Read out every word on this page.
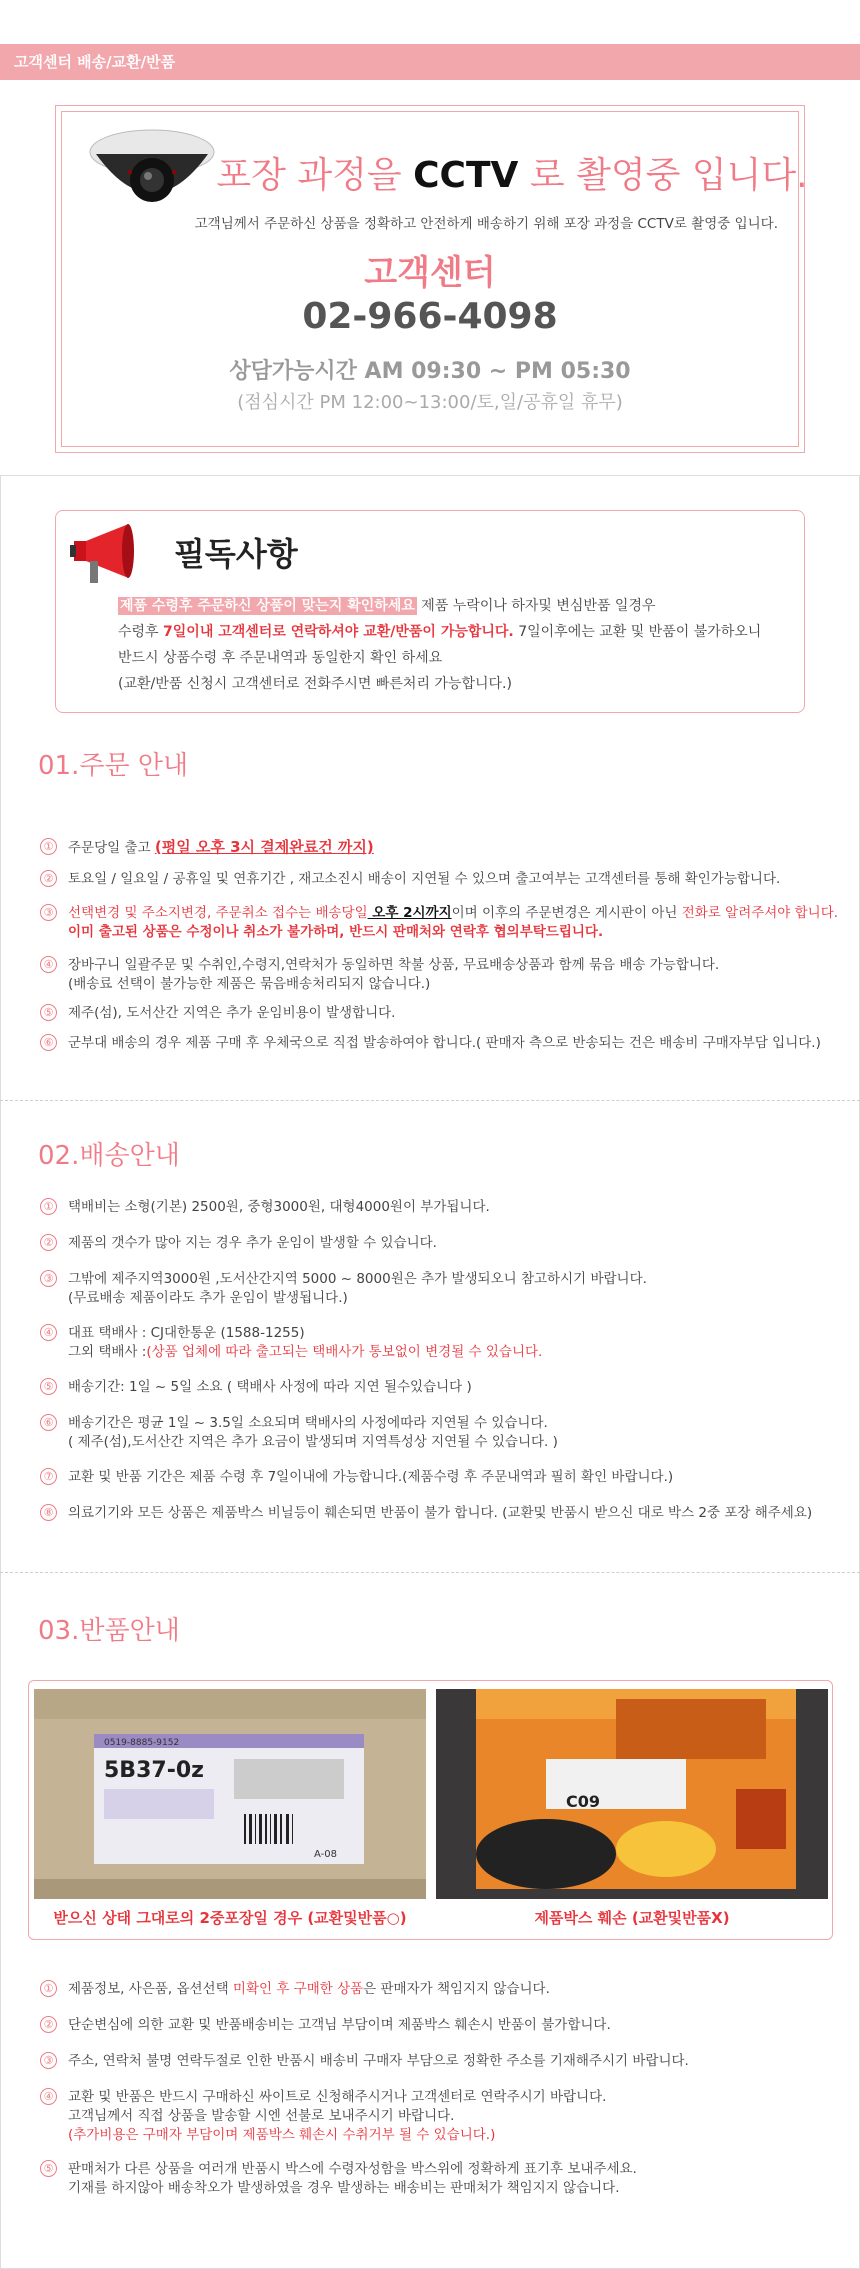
고객센터 배송/교환/반품
포장 과정을 CCTV 로 촬영중 입니다.
고객님께서 주문하신 상품을 정확하고 안전하게 배송하기 위해 포장 과정을 CCTV로 촬영중 입니다.
고객센터
02-966-4098
상담가능시간 AM 09:30 ~ PM 05:30
(점심시간 PM 12:00~13:00/토,일/공휴일 휴무)
필독사항
제품 수령후 주문하신 상품이 맞는지 확인하세요 제품 누락이나 하자및 변심반품 일경우
수령후 7일이내 고객센터로 연락하셔야 교환/반품이 가능합니다. 7일이후에는 교환 및 반품이 불가하오니
반드시 상품수령 후 주문내역과 동일한지 확인 하세요
(교환/반품 신청시 고객센터로 전화주시면 빠른처리 가능합니다.)
01.주문 안내
① 주문당일 출고 (평일 오후 3시 결제완료건 까지)
② 토요일 / 일요일 / 공휴일 및 연휴기간 , 재고소진시 배송이 지연될 수 있으며 출고여부는 고객센터를 통해 확인가능합니다.
③ 선택변경 및 주소지변경, 주문취소 접수는 배송당일 오후 2시까지이며 이후의 주문변경은 게시판이 아닌 전화로 알려주셔야 합니다.
이미 출고된 상품은 수정이나 취소가 불가하며, 반드시 판매처와 연락후 협의부탁드립니다.
④ 장바구니 일괄주문 및 수취인,수령지,연락처가 동일하면 착불 상품, 무료배송상품과 함께 묶음 배송 가능합니다.
(배송료 선택이 불가능한 제품은 묶음배송처리되지 않습니다.)
⑤ 제주(섬), 도서산간 지역은 추가 운임비용이 발생합니다.
⑥ 군부대 배송의 경우 제품 구매 후 우체국으로 직접 발송하여야 합니다.( 판매자 측으로 반송되는 건은 배송비 구매자부담 입니다.)
02.배송안내
① 택배비는 소형(기본) 2500원, 중형3000원, 대형4000원이 부가됩니다.
② 제품의 갯수가 많아 지는 경우 추가 운임이 발생할 수 있습니다.
③ 그밖에 제주지역3000원 ,도서산간지역 5000 ~ 8000원은 추가 발생되오니 참고하시기 바랍니다.
(무료배송 제품이라도 추가 운임이 발생됩니다.)
④ 대표 택배사 : CJ대한통운 (1588-1255)
그외 택배사 :(상품 업체에 따라 출고되는 택배사가 통보없이 변경될 수 있습니다.
⑤ 배송기간: 1일 ~ 5일 소요 ( 택배사 사정에 따라 지연 될수있습니다 )
⑥ 배송기간은 평균 1일 ~ 3.5일 소요되며 택배사의 사정에따라 지연될 수 있습니다.
( 제주(섬),도서산간 지역은 추가 요금이 발생되며 지역특성상 지연될 수 있습니다. )
⑦ 교환 및 반품 기간은 제품 수령 후 7일이내에 가능합니다.(제품수령 후 주문내역과 필히 확인 바랍니다.)
⑧ 의료기기와 모든 상품은 제품박스 비닐등이 훼손되면 반품이 불가 합니다. (교환및 반품시 받으신 대로 박스 2중 포장 해주세요)
03.반품안내
0519-8885-9152
5B37-0z
A-08
C09
받으신 상태 그대로의 2중포장일 경우 (교환및반품○)	제품박스 훼손 (교환및반품X)
① 제품정보, 사은품, 옵션선택 미확인 후 구매한 상품은 판매자가 책임지지 않습니다.
② 단순변심에 의한 교환 및 반품배송비는 고객님 부담이며 제품박스 훼손시 반품이 불가합니다.
③ 주소, 연락처 불명 연락두절로 인한 반품시 배송비 구매자 부담으로 정확한 주소를 기재해주시기 바랍니다.
④ 교환 및 반품은 반드시 구매하신 싸이트로 신청해주시거나 고객센터로 연락주시기 바랍니다.
고객님께서 직접 상품을 발송할 시엔 선불로 보내주시기 바랍니다.
(추가비용은 구매자 부담이며 제품박스 훼손시 수취거부 될 수 있습니다.)
⑤ 판매처가 다른 상품을 여러개 반품시 박스에 수령자성함을 박스위에 정확하게 표기후 보내주세요.
기재를 하지않아 배송착오가 발생하였을 경우 발생하는 배송비는 판매처가 책임지지 않습니다.
